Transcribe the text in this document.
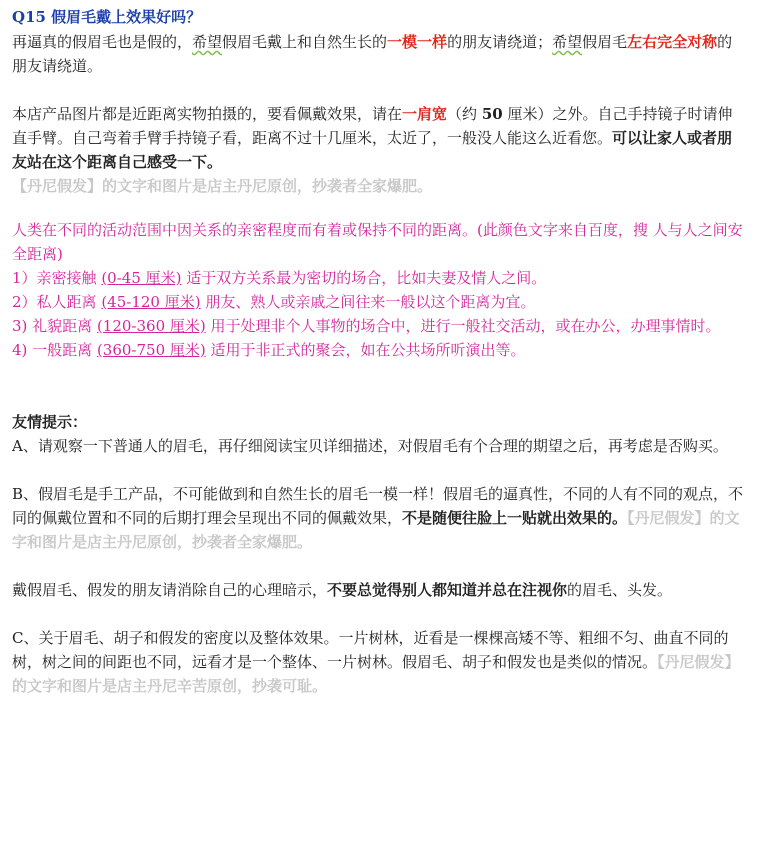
Q15 假眉毛戴上效果好吗？

再逼真的假眉毛也是假的，希望假眉毛戴上和自然生长的一模一样的朋友请绕道；希望假眉毛左右完全对称的朋友请绕道。

本店产品图片都是近距离实物拍摄的，要看佩戴效果，请在一肩宽（约 50 厘米）之外。自己手持镜子时请伸直手臂。自己弯着手臂手持镜子看，距离不过十几厘米，太近了，一般没人能这么近看您。可以让家人或者朋友站在这个距离自己感受一下。

【丹尼假发】的文字和图片是店主丹尼原创，抄袭者全家爆肥。

人类在不同的活动范围中因关系的亲密程度而有着或保持不同的距离。(此颜色文字来自百度，搜 人与人之间安全距离)

1）亲密接触 (0-45 厘米) 适于双方关系最为密切的场合，比如夫妻及情人之间。

2）私人距离 (45-120 厘米) 朋友、熟人或亲戚之间往来一般以这个距离为宜。

3) 礼貌距离 (120-360 厘米) 用于处理非个人事物的场合中，进行一般社交活动，或在办公，办理事情时。

4) 一般距离 (360-750 厘米) 适用于非正式的聚会，如在公共场所听演出等。

友情提示：

A、请观察一下普通人的眉毛，再仔细阅读宝贝详细描述，对假眉毛有个合理的期望之后，再考虑是否购买。

B、假眉毛是手工产品，不可能做到和自然生长的眉毛一模一样！假眉毛的逼真性，不同的人有不同的观点，不同的佩戴位置和不同的后期打理会呈现出不同的佩戴效果，不是随便往脸上一贴就出效果的。【丹尼假发】的文字和图片是店主丹尼原创，抄袭者全家爆肥。

戴假眉毛、假发的朋友请消除自己的心理暗示，不要总觉得别人都知道并总在注视你的眉毛、头发。

C、关于眉毛、胡子和假发的密度以及整体效果。一片树林，近看是一棵棵高矮不等、粗细不匀、曲直不同的树，树之间的间距也不同，远看才是一个整体、一片树林。假眉毛、胡子和假发也是类似的情况。【丹尼假发】的文字和图片是店主丹尼辛苦原创，抄袭可耻。
